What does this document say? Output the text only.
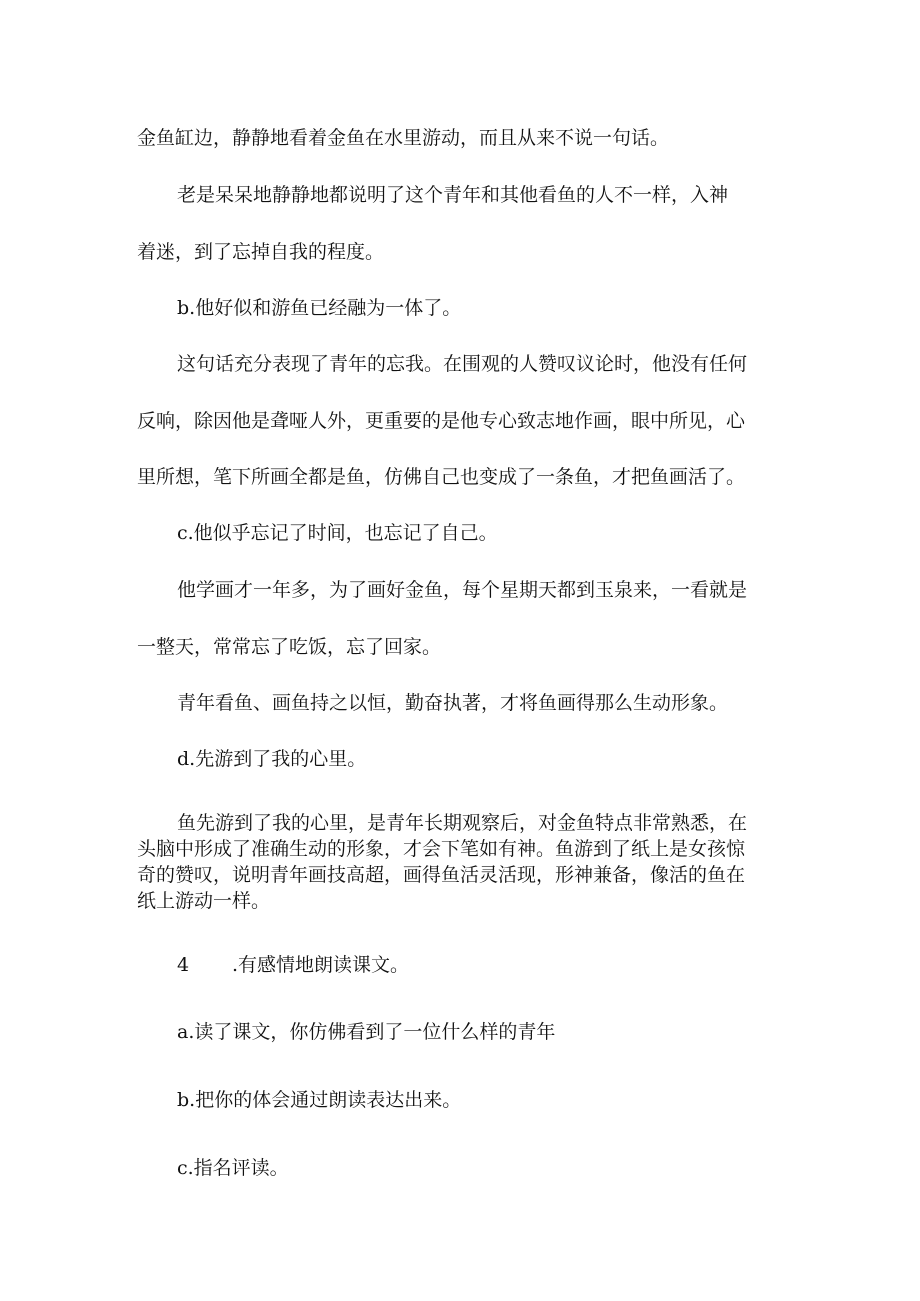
金鱼缸边，静静地看着金鱼在水里游动，而且从来不说一句话。

老是呆呆地静静地都说明了这个青年和其他看鱼的人不一样，入神

着迷，到了忘掉自我的程度。

b.他好似和游鱼已经融为一体了。

这句话充分表现了青年的忘我。在围观的人赞叹议论时，他没有任何

反响，除因他是聋哑人外，更重要的是他专心致志地作画，眼中所见，心

里所想，笔下所画全都是鱼，仿佛自己也变成了一条鱼，才把鱼画活了。

c.他似乎忘记了时间，也忘记了自己。

他学画才一年多，为了画好金鱼，每个星期天都到玉泉来，一看就是

一整天，常常忘了吃饭，忘了回家。

青年看鱼、画鱼持之以恒，勤奋执著，才将鱼画得那么生动形象。

d.先游到了我的心里。

鱼先游到了我的心里，是青年长期观察后，对金鱼特点非常熟悉，在
头脑中形成了准确生动的形象，才会下笔如有神。鱼游到了纸上是女孩惊
奇的赞叹，说明青年画技高超，画得鱼活灵活现，形神兼备，像活的鱼在
纸上游动一样。

4 .有感情地朗读课文。

a.读了课文，你仿佛看到了一位什么样的青年

b.把你的体会通过朗读表达出来。

c.指名评读。
